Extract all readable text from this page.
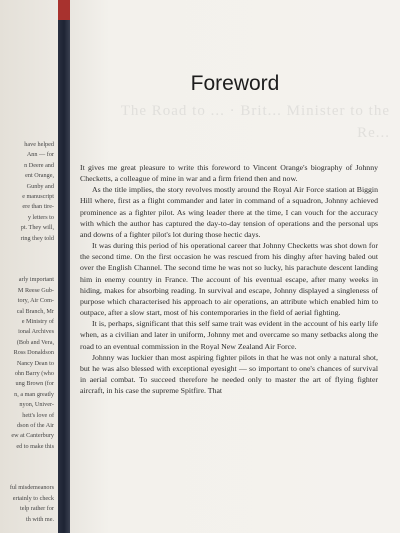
have helped
Ann — for
n Deere and
ent Orange,
Gunby and
e manuscript
ere than tire-
y letters to
pt. They will,
ring they told

arly important
M Reese Gub-
tory, Air Com-
cal Branch, Mr
e Ministry of
ional Archives
(Bob and Vera,
Ross Donaldson
Nancy Dean to
ohn Barry (who
ung Brown (for
n, a man greatly
nyon, Univer-
hett's love of
dson of the Air
ew at Canterbury
ed to make this

ful misdemeanors
ertainly to check
telp rather for
th with me.
The Road to ... · Brit... Minister to the Re...
Foreword

It gives me great pleasure to write this foreword to Vincent Orange's biography of Johnny Checketts, a colleague of mine in war and a firm friend then and now.

As the title implies, the story revolves mostly around the Royal Air Force station at Biggin Hill where, first as a flight commander and later in command of a squadron, Johnny achieved prominence as a fighter pilot. As wing leader there at the time, I can vouch for the accuracy with which the author has captured the day-to-day tension of operations and the personal ups and downs of a fighter pilot's lot during those hectic days.

It was during this period of his operational career that Johnny Checketts was shot down for the second time. On the first occasion he was rescued from his dinghy after having baled out over the English Channel. The second time he was not so lucky, his parachute descent landing him in enemy country in France. The account of his eventual escape, after many weeks in hiding, makes for absorbing reading. In survival and escape, Johnny displayed a singleness of purpose which characterised his approach to air operations, an attribute which enabled him to outpace, after a slow start, most of his contemporaries in the field of aerial fighting.

It is, perhaps, significant that this self same trait was evident in the account of his early life when, as a civilian and later in uniform, Johnny met and overcame so many setbacks along the road to an eventual commission in the Royal New Zealand Air Force.

Johnny was luckier than most aspiring fighter pilots in that he was not only a natural shot, but he was also blessed with exceptional eyesight — so important to one's chances of survival in aerial combat. To succeed therefore he needed only to master the art of flying fighter aircraft, in his case the supreme Spitfire. That
